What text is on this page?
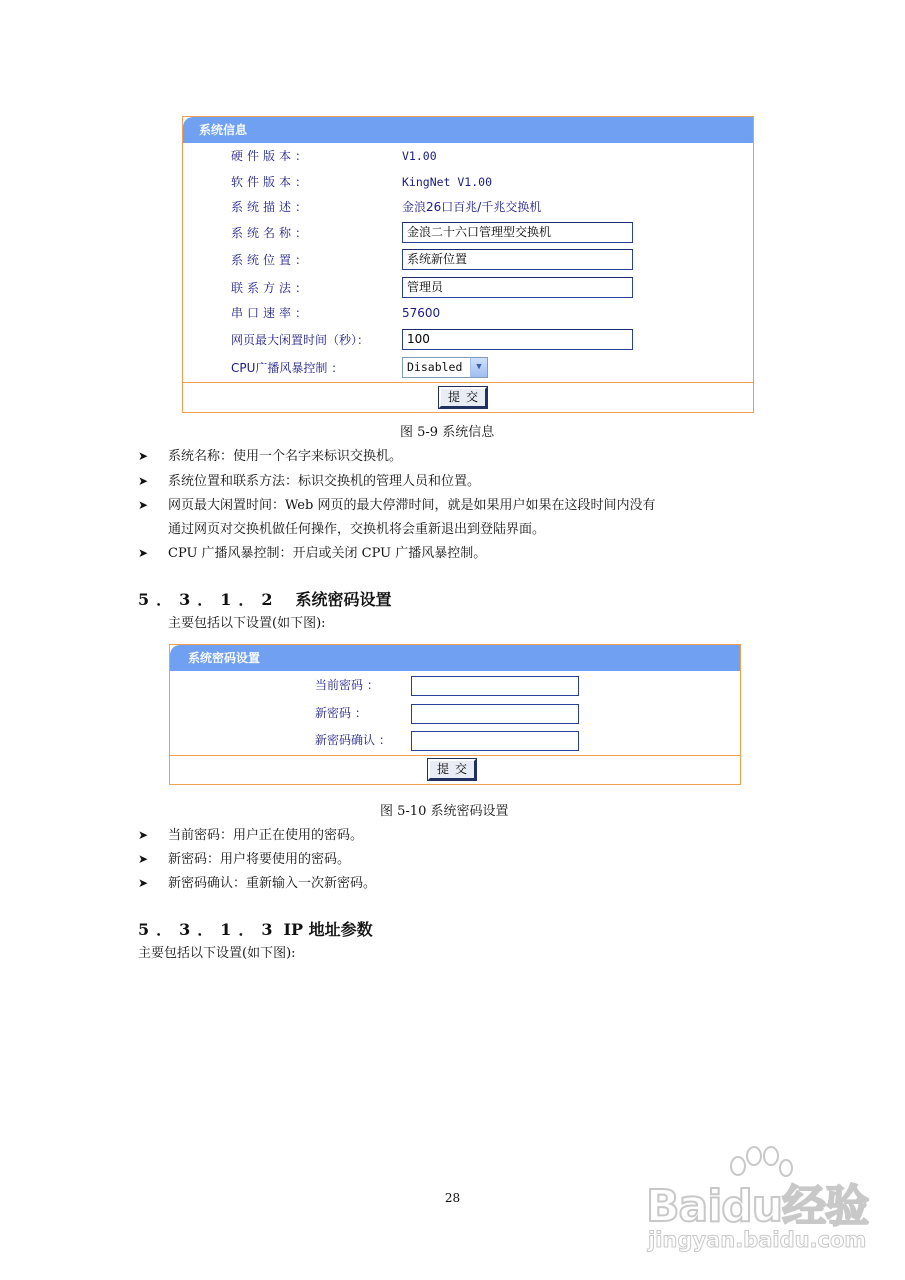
系统信息
硬件版本：	V1.00
软件版本：	KingNet V1.00
系统描述：	金浪26口百兆/千兆交换机
系统名称：	金浪二十六口管理型交换机
系统位置：	系统新位置
联系方法：	管理员
串口速率：	57600
网页最大闲置时间（秒）：	100
CPU广播风暴控制 ：	Disabled	▼
提交
图 5-9 系统信息
➤ 系统名称：使用一个名字来标识交换机。
➤ 系统位置和联系方法：标识交换机的管理人员和位置。
➤ 网页最大闲置时间：Web 网页的最大停滞时间，就是如果用户如果在这段时间内没有
通过网页对交换机做任何操作，交换机将会重新退出到登陆界面。
➤ CPU 广播风暴控制：开启或关闭 CPU 广播风暴控制。
5．3．1．2 系统密码设置
主要包括以下设置(如下图):
系统密码设置
当前密码 ：
新密码 ：
新密码确认 ：
提交
图 5-10 系统密码设置
➤ 当前密码：用户正在使用的密码。
➤ 新密码：用户将要使用的密码。
➤ 新密码确认：重新输入一次新密码。
5．3．1．3 IP 地址参数
主要包括以下设置(如下图):
28	Baidu经验
jingyan.baidu.com
